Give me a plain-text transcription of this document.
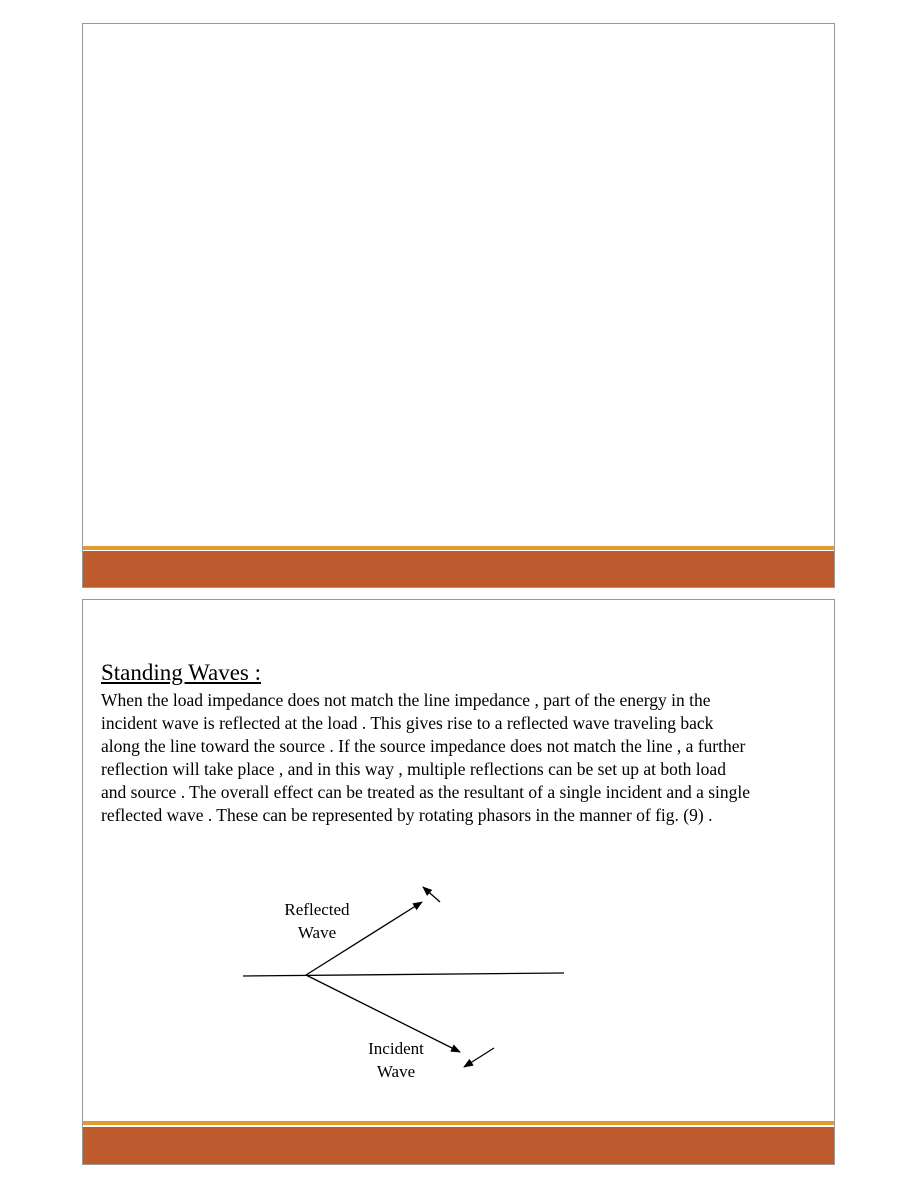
Standing Waves :
When the load impedance does not match the line impedance , part of the energy in the
incident wave is reflected at the load . This gives rise to a reflected wave traveling back
along the line toward the source . If the source impedance does not match the line , a further
reflection will take place , and in this way , multiple reflections can be set up at both load
and source . The overall effect can be treated as the resultant of a single incident and a single
reflected wave . These can be represented by rotating phasors in the manner of fig. (9) .
Reflected
Wave
Incident
Wave
